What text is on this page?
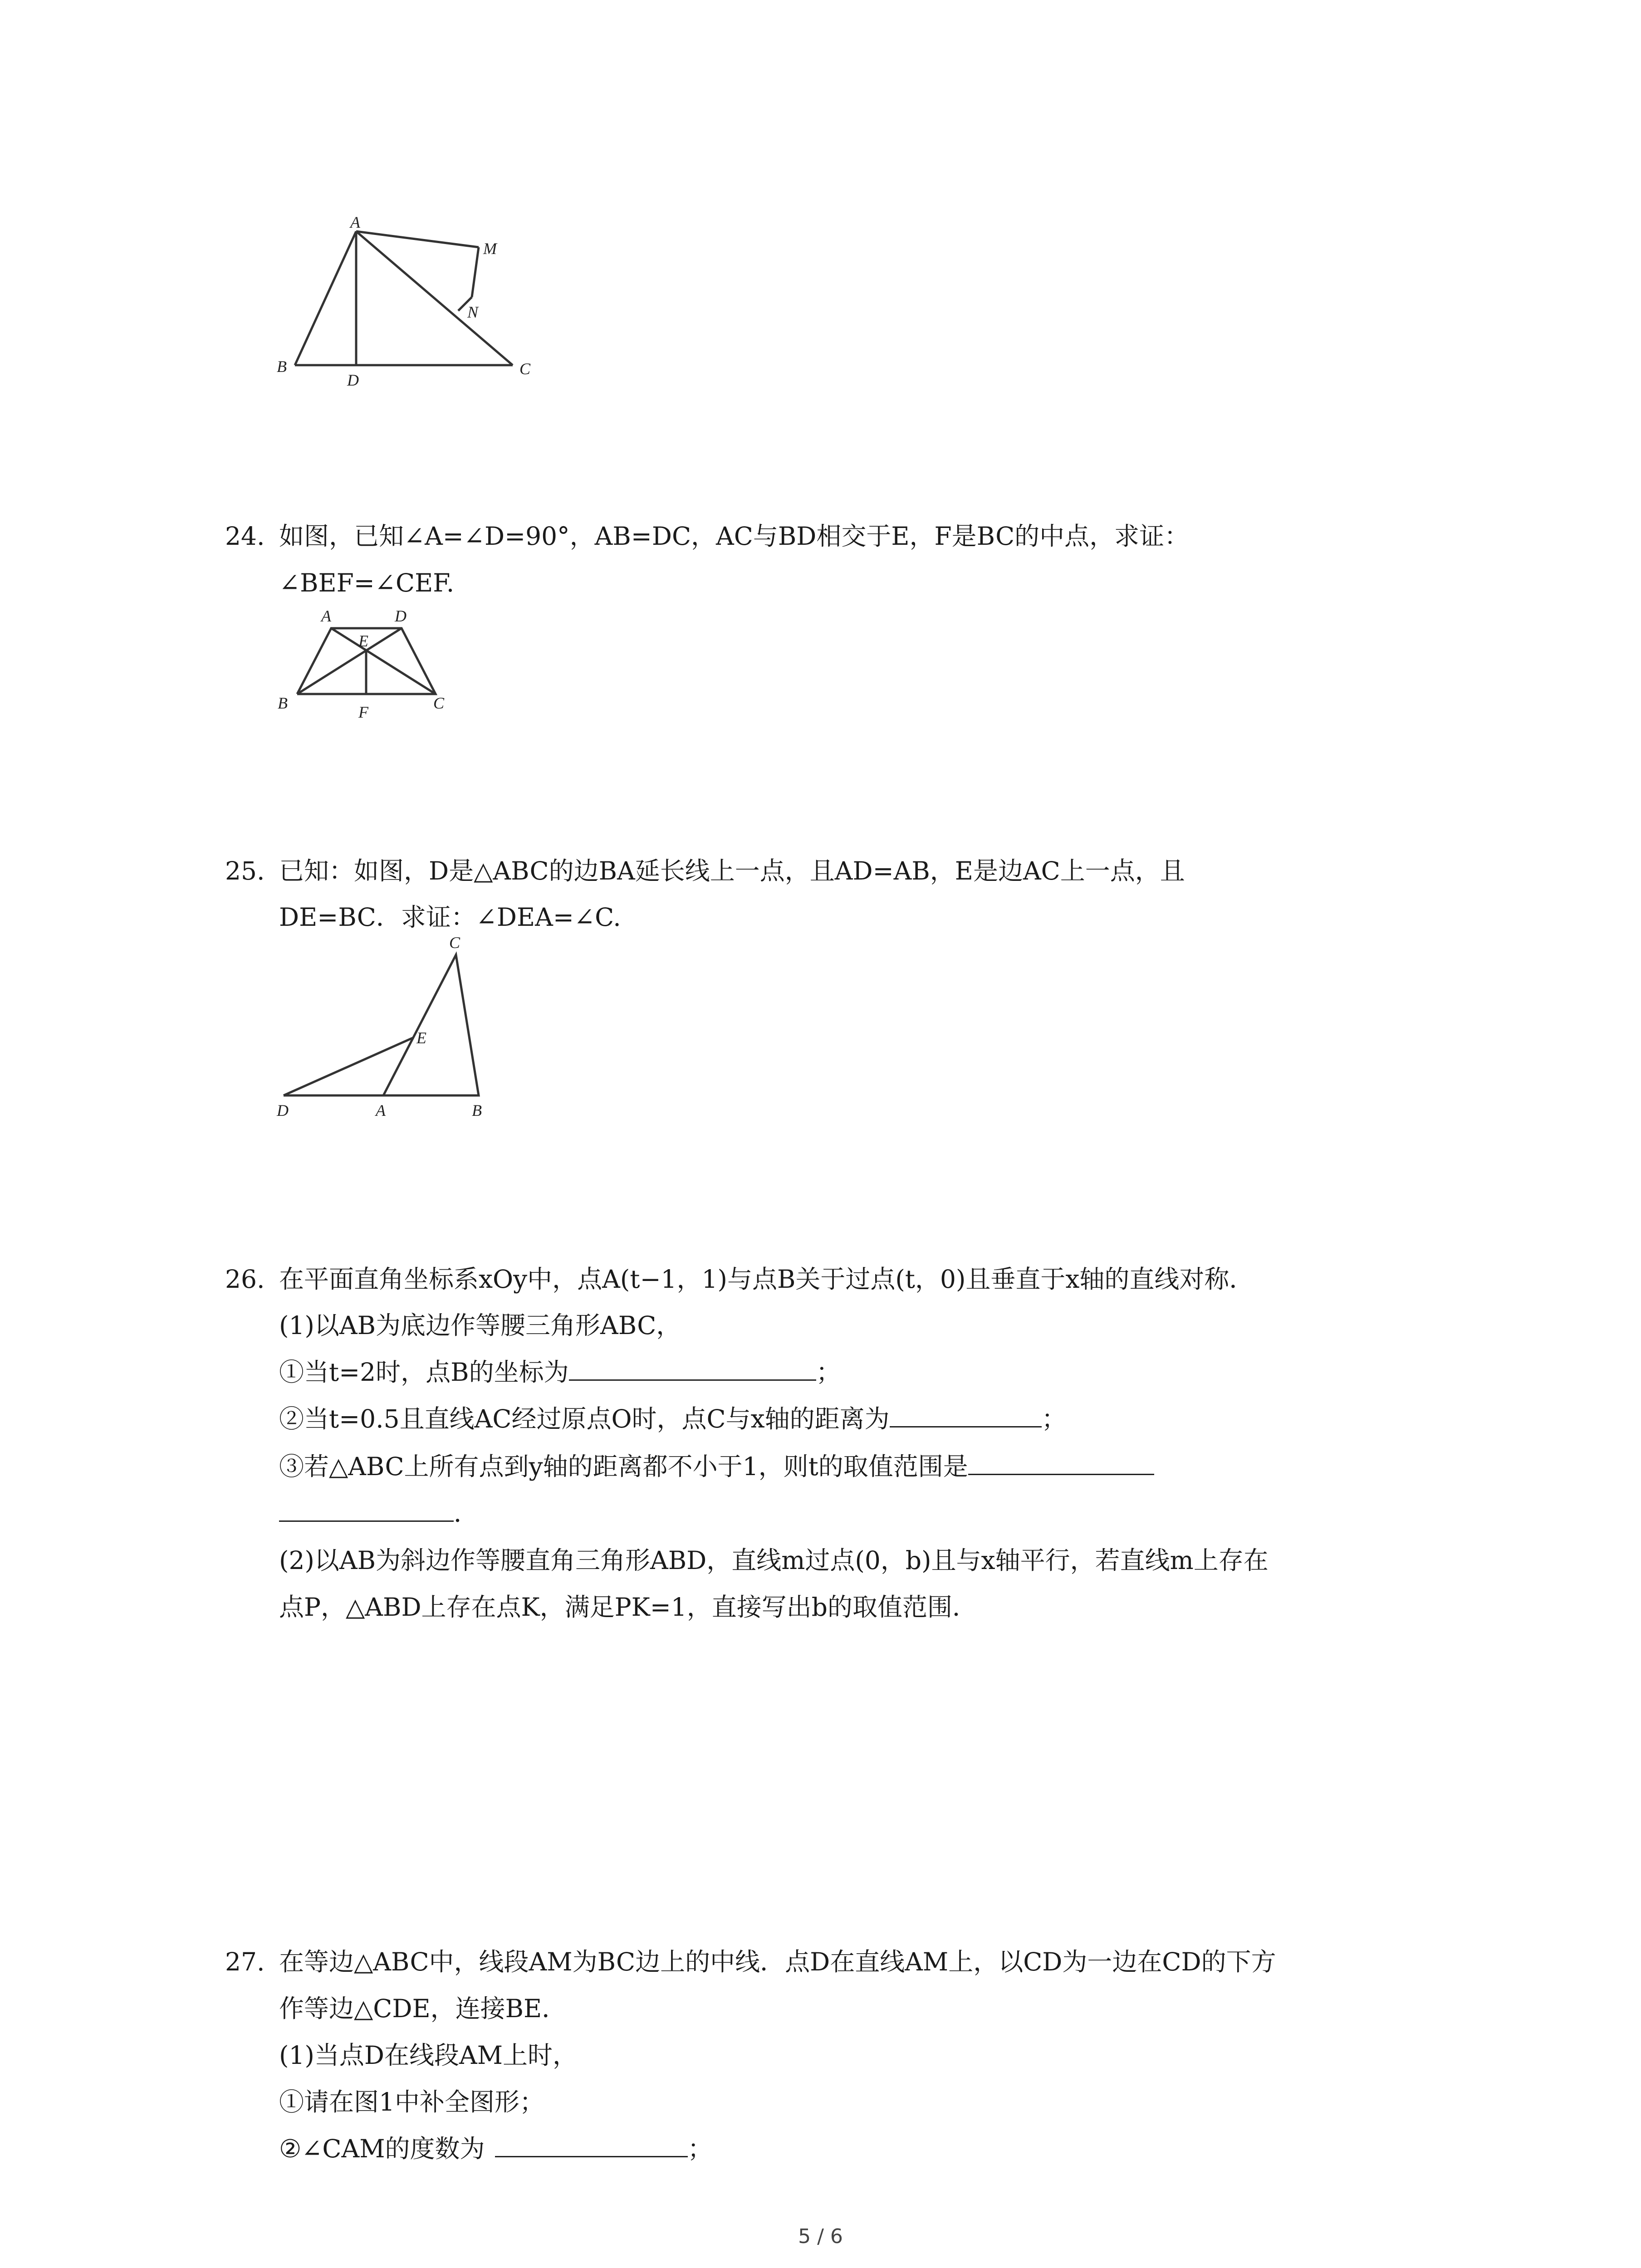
A
M
N
B
D
C
24. 如图，已知∠A=∠D=90°，AB=DC，AC与BD相交于E，F是BC的中点，求证：
∠BEF=∠CEF.
A	D
E
B	F	C
25. 已知：如图，D是△ABC的边BA延长线上一点，且AD=AB，E是边AC上一点，且
DE=BC．求证：∠DEA=∠C.
C
E
D	A	B
26. 在平面直角坐标系xOy中，点A(t−1，1)与点B关于过点(t，0)且垂直于x轴的直线对称．
(1)以AB为底边作等腰三角形ABC，
①当t=2时，点B的坐标为	；
②当t=0.5且直线AC经过原点O时，点C与x轴的距离为	；
③若△ABC上所有点到y轴的距离都不小于1，则t的取值范围是
．
(2)以AB为斜边作等腰直角三角形ABD，直线m过点(0，b)且与x轴平行，若直线m上存在
点P，△ABD上存在点K，满足PK=1，直接写出b的取值范围．
27. 在等边△ABC中，线段AM为BC边上的中线．点D在直线AM上，以CD为一边在CD的下方
作等边△CDE，连接BE．
(1)当点D在线段AM上时，
①请在图1中补全图形；
②∠CAM的度数为	；
5 / 6
